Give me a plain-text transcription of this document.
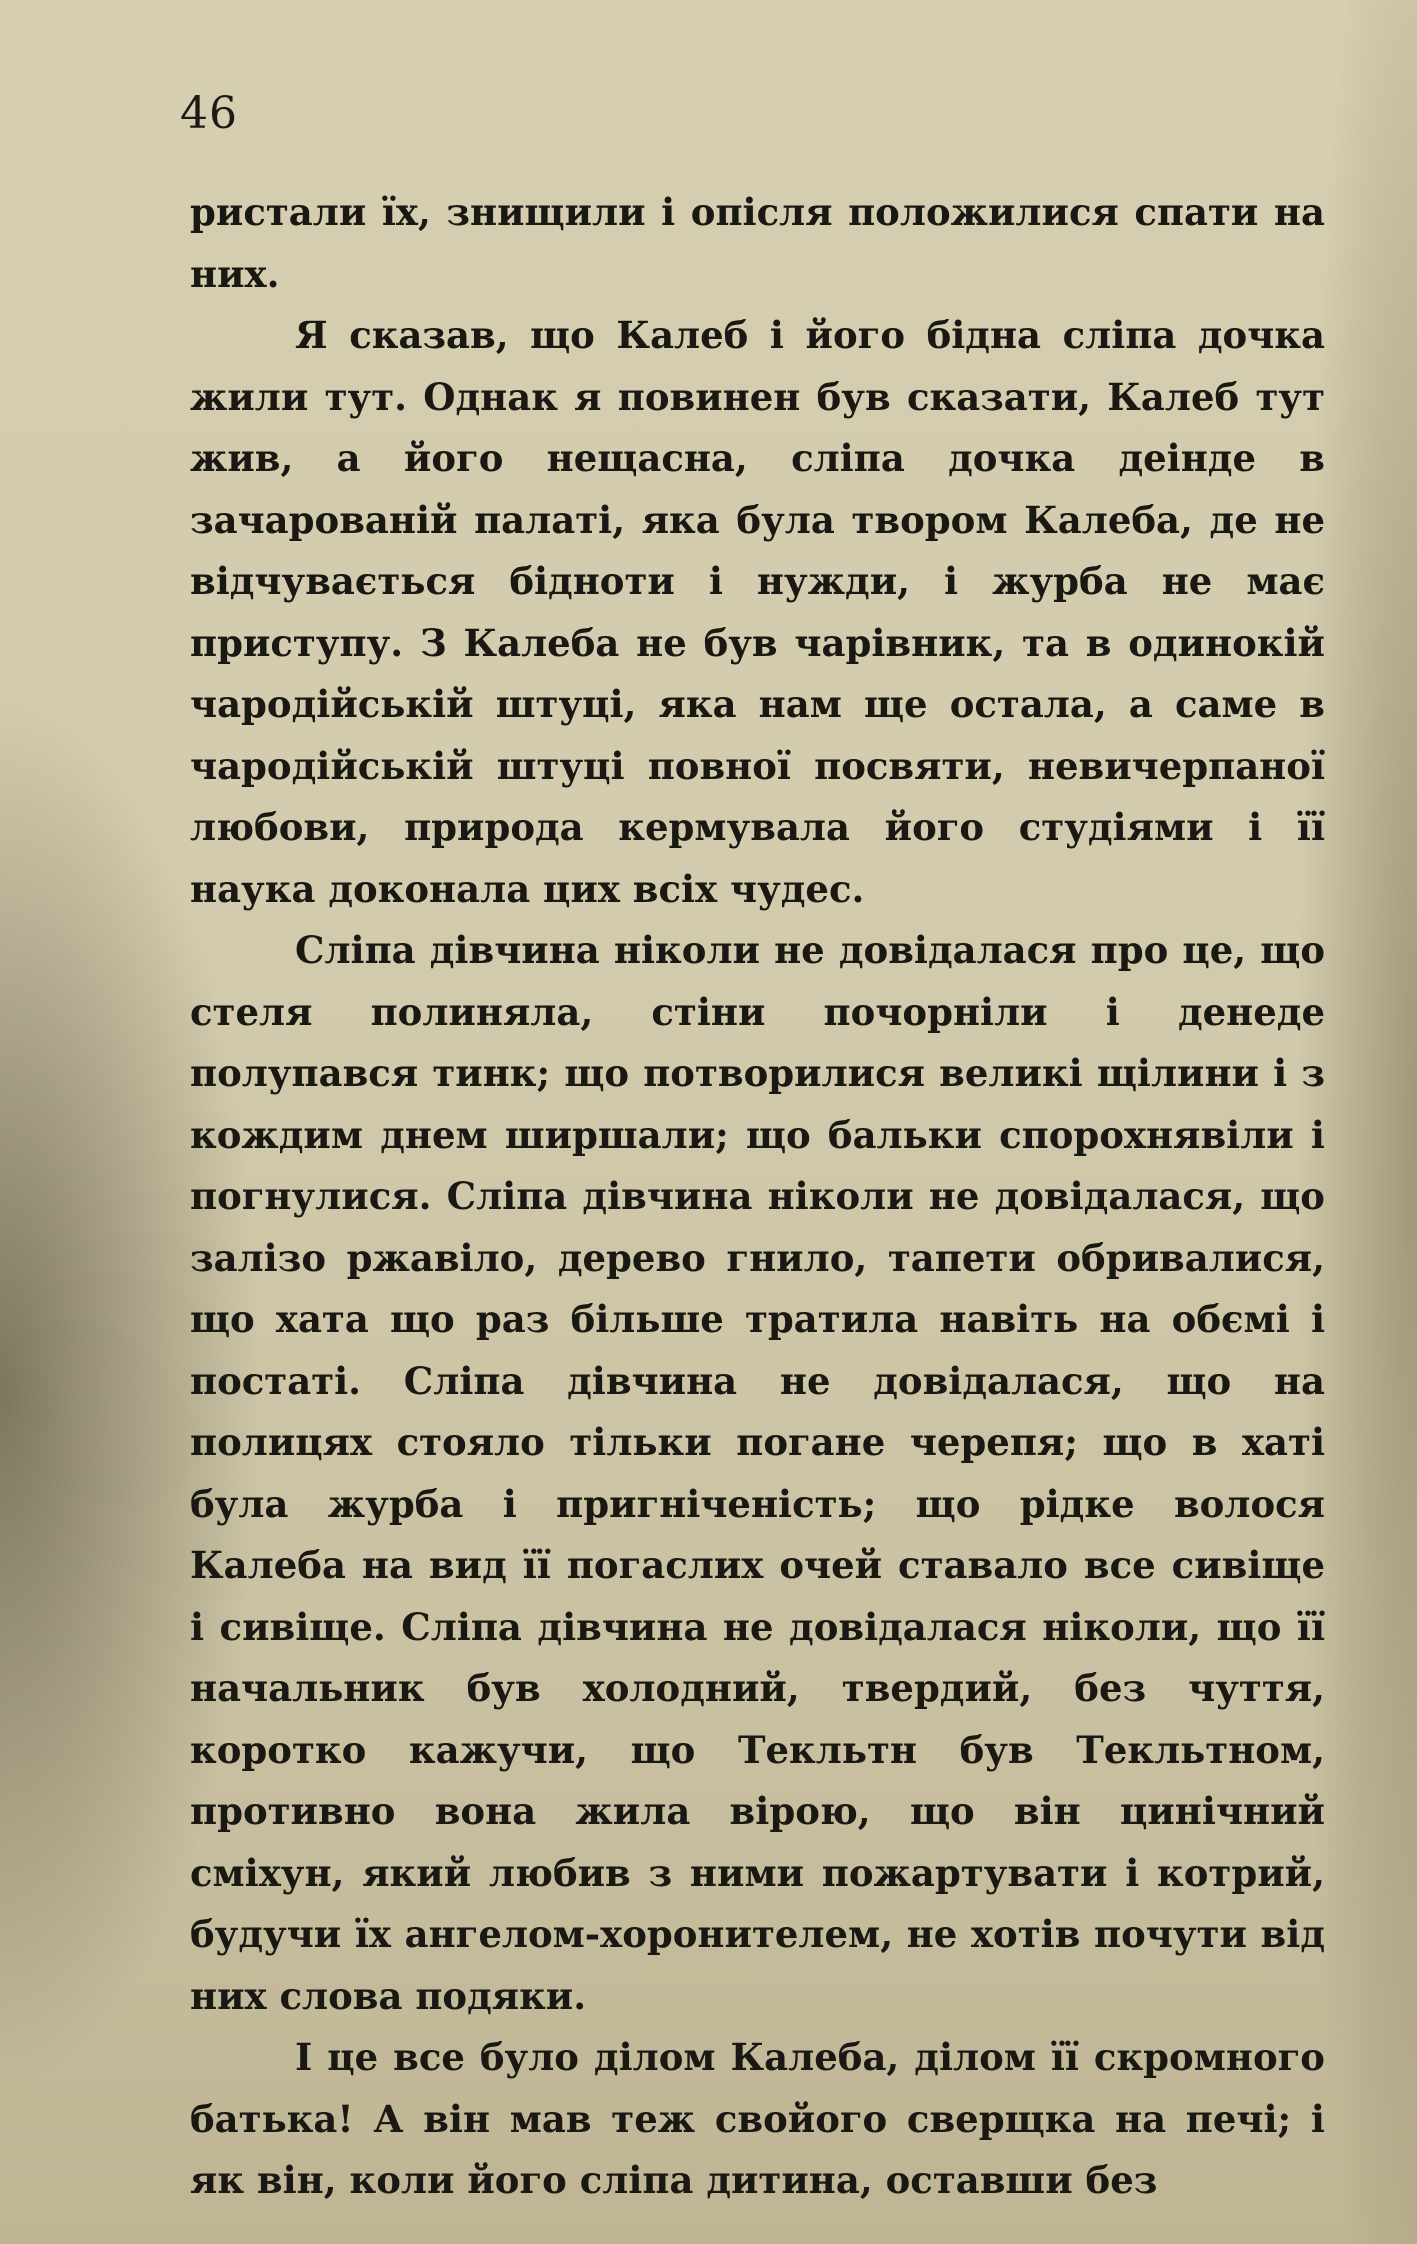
46

ристали їх, знищили і опісля положилися спати на них.

Я сказав, що Калеб і його бідна сліпа дочка жили тут. Однак я повинен був сказати, Калеб тут жив, а його нещасна, сліпа дочка деінде в зачарованій палаті, яка була твором Калеба, де не відчувається бідноти і нужди, і журба не має приступу. З Калеба не був чарівник, та в одинокій чародійській штуці, яка нам ще остала, а саме в чародійській штуці повної посвяти, невичерпаної любови, природа кермувала його студіями і її наука доконала цих всіх чудес.

Сліпа дівчина ніколи не довідалася про це, що стеля полиняла, стіни почорніли і денеде полупався тинк; що потворилися великі щілини і з кождим днем ширшали; що бальки спорохнявіли і погнулися. Сліпа дівчина ніколи не довідалася, що залізо ржавіло, дерево гнило, тапети обривалися, що хата що раз більше тратила навіть на обємі і постаті. Сліпа дівчина не довідалася, що на полицях стояло тільки погане черепя; що в хаті була журба і пригніченість; що рідке волося Калеба на вид її погаслих очей ставало все сивіще і сивіще. Сліпа дівчина не довідалася ніколи, що її начальник був холодний, твердий, без чуття, коротко кажучи, що Текльтн був Текльтном, противно вона жила вірою, що він цинічний сміхун, який любив з ними пожартувати і котрий, будучи їх ангелом-хоронителем, не хотів почути від них слова подяки.

І це все було ділом Калеба, ділом її скромного батька! А він мав теж свойого сверщка на печі; і як він, коли його сліпа дитина, оставши без
